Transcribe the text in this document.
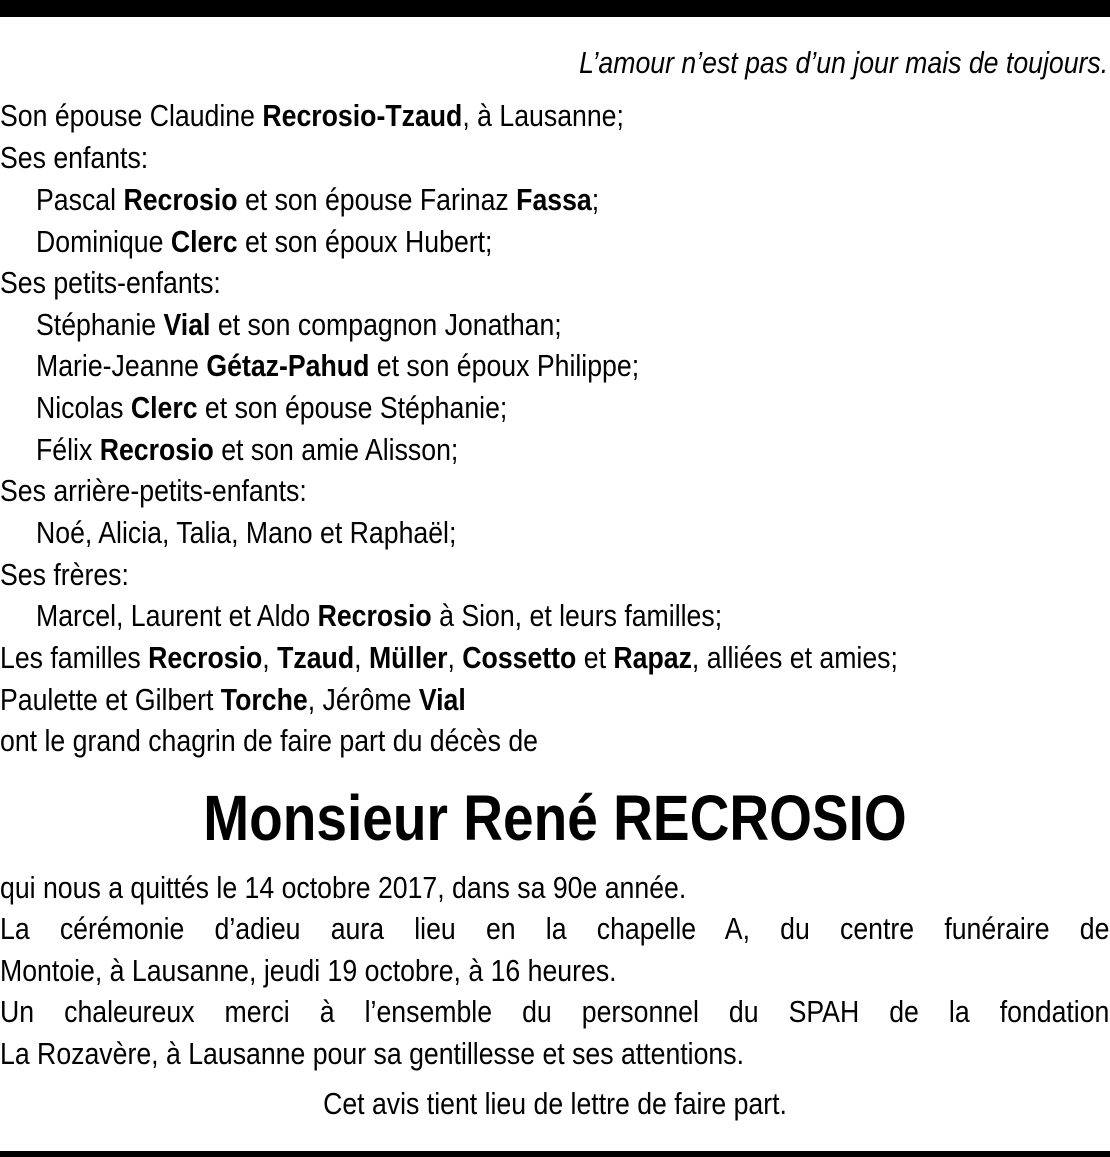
L’amour n’est pas d’un jour mais de toujours.
Son épouse Claudine Recrosio-Tzaud, à Lausanne;
Ses enfants:
Pascal Recrosio et son épouse Farinaz Fassa;
Dominique Clerc et son époux Hubert;
Ses petits-enfants:
Stéphanie Vial et son compagnon Jonathan;
Marie-Jeanne Gétaz-Pahud et son époux Philippe;
Nicolas Clerc et son épouse Stéphanie;
Félix Recrosio et son amie Alisson;
Ses arrière-petits-enfants:
Noé, Alicia, Talia, Mano et Raphaël;
Ses frères:
Marcel, Laurent et Aldo Recrosio à Sion, et leurs familles;
Les familles Recrosio, Tzaud, Müller, Cossetto et Rapaz, alliées et amies;
Paulette et Gilbert Torche, Jérôme Vial
ont le grand chagrin de faire part du décès de
Monsieur René RECROSIO
qui nous a quittés le 14 octobre 2017, dans sa 90e année.
La cérémonie d’adieu aura lieu en la chapelle A, du centre funéraire de
Montoie, à Lausanne, jeudi 19 octobre, à 16 heures.
Un chaleureux merci à l’ensemble du personnel du SPAH de la fondation
La Rozavère, à Lausanne pour sa gentillesse et ses attentions.
Cet avis tient lieu de lettre de faire part.
